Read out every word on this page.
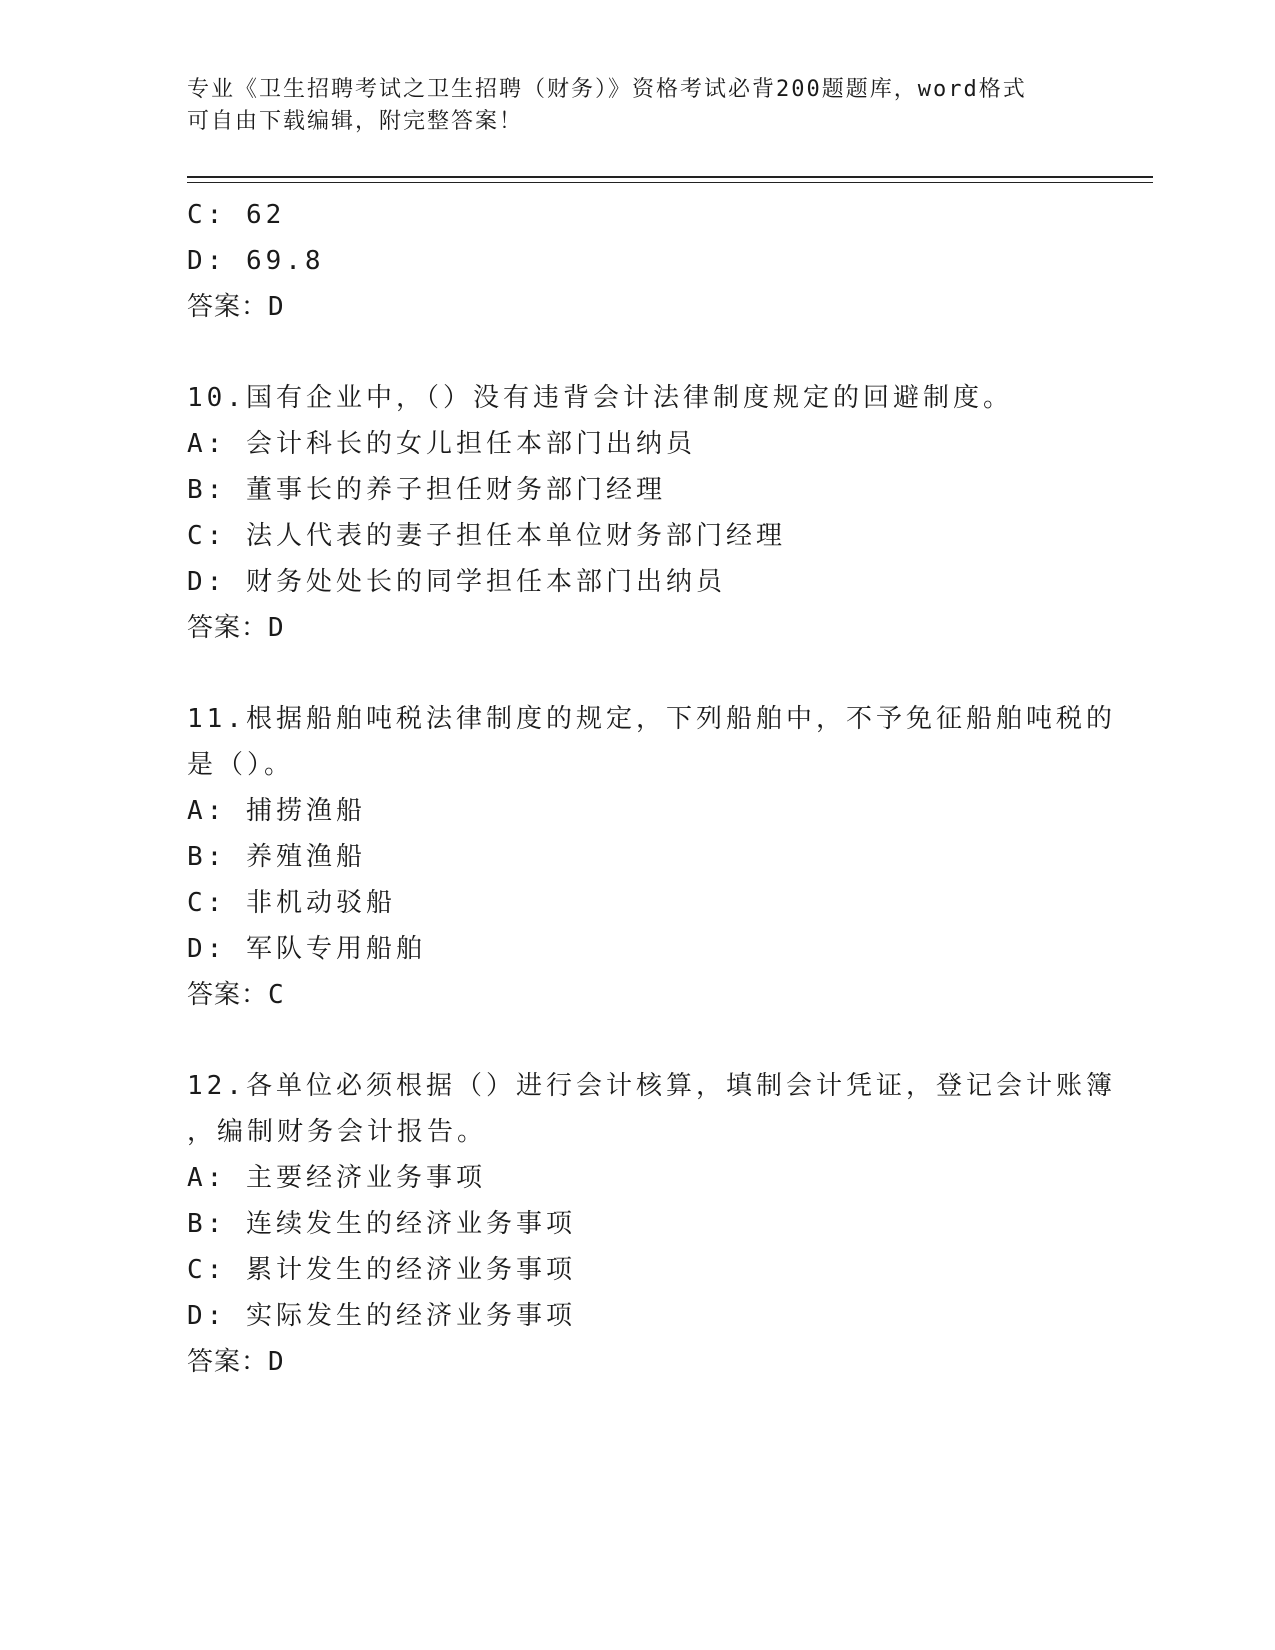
专业《卫生招聘考试之卫生招聘（财务）》资格考试必背200题题库，word格式
可自由下载编辑，附完整答案！
C: 62
D: 69.8
答案：D
10.国有企业中，（）没有违背会计法律制度规定的回避制度。
A: 会计科长的女儿担任本部门出纳员
B: 董事长的养子担任财务部门经理
C: 法人代表的妻子担任本单位财务部门经理
D: 财务处处长的同学担任本部门出纳员
答案：D
11.根据船舶吨税法律制度的规定，下列船舶中，不予免征船舶吨税的
是（）。
A: 捕捞渔船
B: 养殖渔船
C: 非机动驳船
D: 军队专用船舶
答案：C
12.各单位必须根据（）进行会计核算，填制会计凭证，登记会计账簿
，编制财务会计报告。
A: 主要经济业务事项
B: 连续发生的经济业务事项
C: 累计发生的经济业务事项
D: 实际发生的经济业务事项
答案：D
